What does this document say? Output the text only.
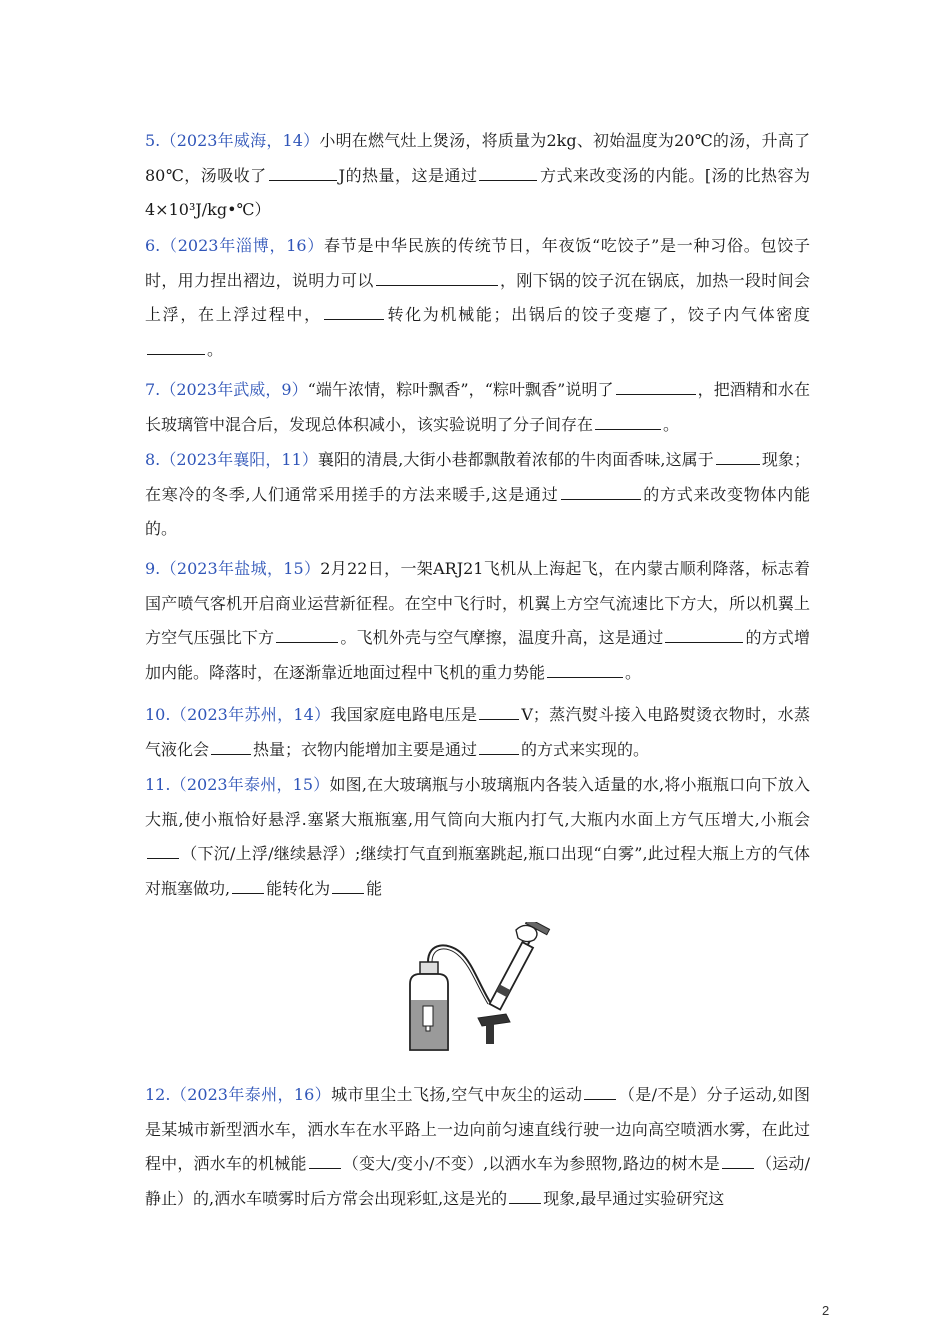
5.（2023年威海，14）小明在燃气灶上煲汤，将质量为2kg、初始温度为20℃的汤，升高了80℃，汤吸收了	J的热量，这是通过	方式来改变汤的内能。[汤的比热容为4×10³J/kg•℃）
6.（2023年淄博，16）春节是中华民族的传统节日，年夜饭“吃饺子”是一种习俗。包饺子时，用力捏出褶边，说明力可以	，刚下锅的饺子沉在锅底，加热一段时间会上浮，在上浮过程中，	转化为机械能；出锅后的饺子变瘪了，饺子内气体密度。
7.（2023年武威，9）“端午浓情，粽叶飘香”，“粽叶飘香”说明了	，把酒精和水在长玻璃管中混合后，发现总体积减小，该实验说明了分子间存在	。
8.（2023年襄阳，11）襄阳的清晨,大街小巷都飘散着浓郁的牛肉面香味,这属于	现象；在寒冷的冬季,人们通常采用搓手的方法来暖手,这是通过	的方式来改变物体内能的。
9.（2023年盐城，15）2月22日，一架ARJ21飞机从上海起飞，在内蒙古顺利降落，标志着国产喷气客机开启商业运营新征程。在空中飞行时，机翼上方空气流速比下方大，所以机翼上方空气压强比下方	。飞机外壳与空气摩擦，温度升高，这是通过	的方式增加内能。降落时，在逐渐靠近地面过程中飞机的重力势能	。
10.（2023年苏州，14）我国家庭电路电压是	V；蒸汽熨斗接入电路熨烫衣物时，水蒸气液化会	热量；衣物内能增加主要是通过	的方式来实现的。
11.（2023年泰州，15）如图,在大玻璃瓶与小玻璃瓶内各装入适量的水,将小瓶瓶口向下放入大瓶,使小瓶恰好悬浮.塞紧大瓶瓶塞,用气筒向大瓶内打气,大瓶内水面上方气压增大,小瓶会（下沉/上浮/继续悬浮）;继续打气直到瓶塞跳起,瓶口出现“白雾”,此过程大瓶上方的气体对瓶塞做功, 能转化为 能
12.（2023年泰州，16）城市里尘土飞扬,空气中灰尘的运动 （是/不是）分子运动,如图是某城市新型洒水车，洒水车在水平路上一边向前匀速直线行驶一边向高空喷洒水雾，在此过程中，洒水车的机械能 （变大/变小/不变）,以洒水车为参照物,路边的树木是 （运动/静止）的,洒水车喷雾时后方常会出现彩虹,这是光的 现象,最早通过实验研究这
2
